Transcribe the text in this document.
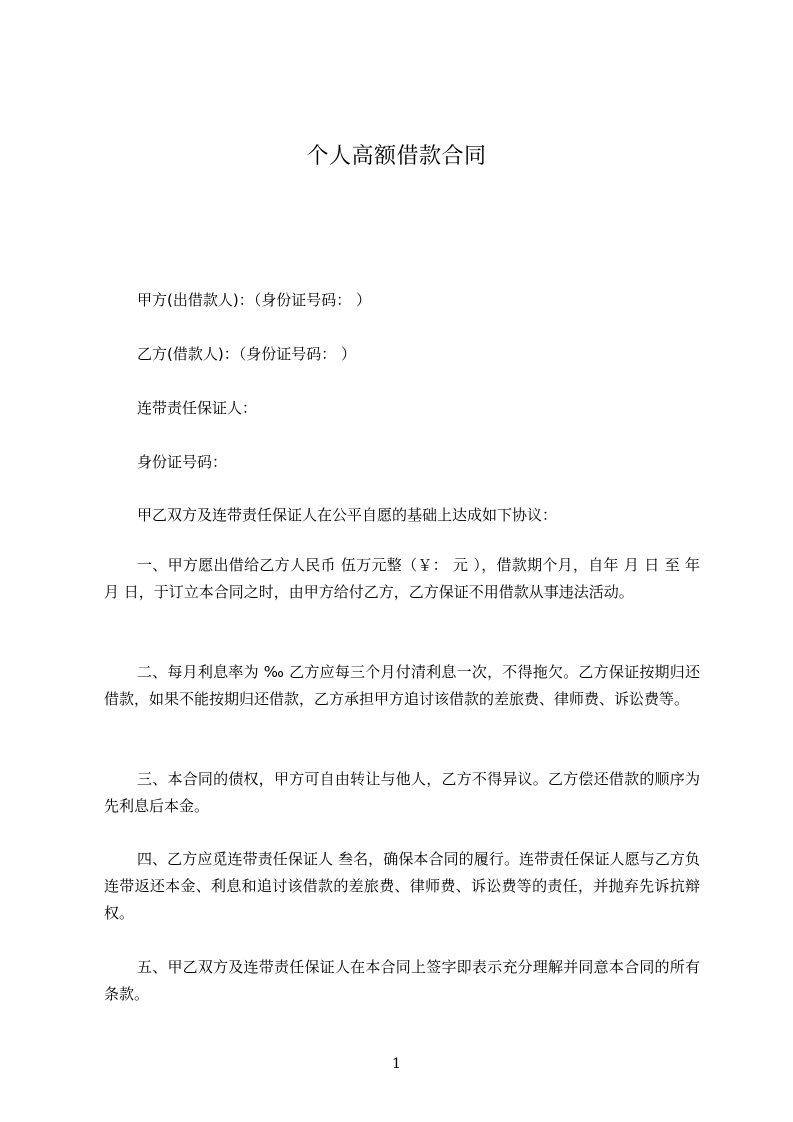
个人高额借款合同
甲方(出借款人)：（身份证号码： ）
乙方(借款人)：（身份证号码： ）
连带责任保证人：
身份证号码：
甲乙双方及连带责任保证人在公平自愿的基础上达成如下协议：
一、甲方愿出借给乙方人民币 伍万元整（￥： 元 ），借款期个月，自年 月 日 至 年 月 日，于订立本合同之时，由甲方给付乙方，乙方保证不用借款从事违法活动。
二、每月利息率为 ‰ 乙方应每三个月付清利息一次，不得拖欠。乙方保证按期归还借款，如果不能按期归还借款，乙方承担甲方追讨该借款的差旅费、律师费、诉讼费等。
三、本合同的债权，甲方可自由转让与他人，乙方不得异议。乙方偿还借款的顺序为先利息后本金。
四、乙方应觅连带责任保证人 叁名，确保本合同的履行。连带责任保证人愿与乙方负连带返还本金、利息和追讨该借款的差旅费、律师费、诉讼费等的责任，并抛弃先诉抗辩权。
五、甲乙双方及连带责任保证人在本合同上签字即表示充分理解并同意本合同的所有条款。
1
